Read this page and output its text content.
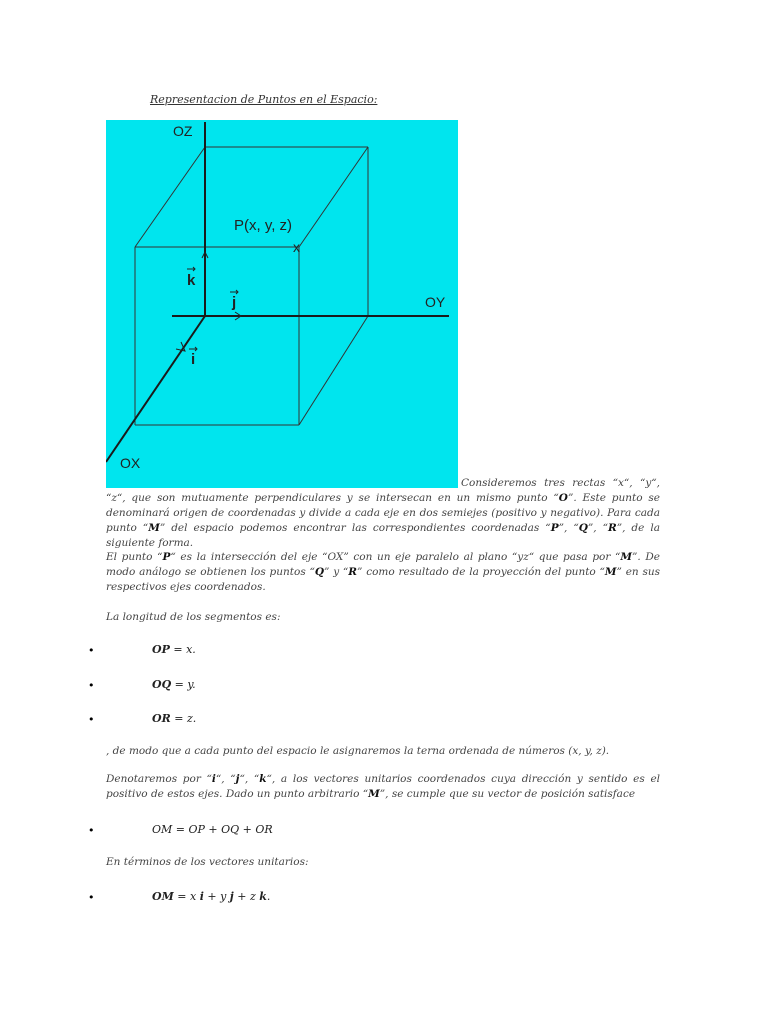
Representacion de Puntos en el Espacio:

OZ
OY
OX
P(x, y, z)
x
k
j
i

Consideremos tres rectas “x“, “y“, “z“, que son mutuamente perpendiculares y se intersecan en un mismo punto “O”. Este punto se denominará origen de coordenadas y divide a cada eje en dos semiejes (positivo y negativo). Para cada punto “M” del espacio podemos encontrar las correspondientes coordenadas “P”, “Q”, “R”, de la siguiente forma.

El punto “P“ es la intersección del eje “OX” con un eje paralelo al plano “yz“ que pasa por “M”. De modo análogo se obtienen los puntos “Q” y “R” como resultado de la proyección del punto “M” en sus respectivos ejes coordenados.

La longitud de los segmentos es:

•	OP = x.
•	OQ = y.
•	OR = z.

, de modo que a cada punto del espacio le asignaremos la terna ordenada de números (x, y, z).

Denotaremos por “i“, “j“, “k“, a los vectores unitarios coordenados cuya dirección y sentido es el positivo de estos ejes. Dado un punto arbitrario “M”, se cumple que su vector de posición satisface

•	OM = OP + OQ + OR

En términos de los vectores unitarios:

•	OM = x i + y j + z k.
